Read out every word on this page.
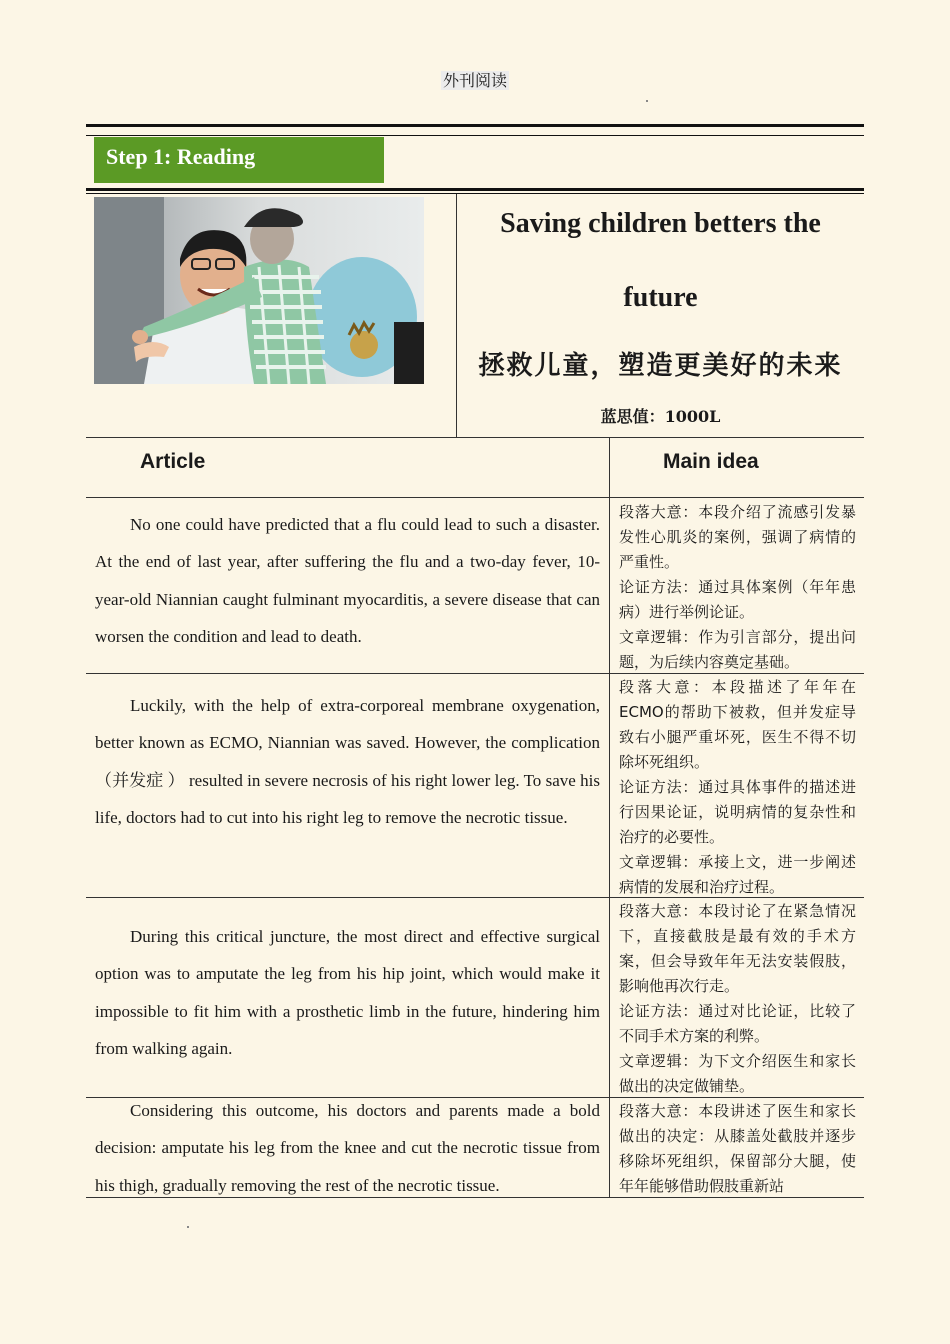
外刊阅读
Step 1: Reading
Saving children betters the
future
拯救儿童，塑造更美好的未来
蓝思值：1000L
Article	Main idea

No one could have predicted that a flu could lead to such a disaster. At the end of last year, after suffering the flu and a two-day fever, 10-year-old Niannian caught fulminant myocarditis, a severe disease that can worsen the condition and lead to death.

段落大意：本段介绍了流感引发暴发性心肌炎的案例，强调了病情的严重性。
论证方法：通过具体案例（年年患病）进行举例论证。
文章逻辑：作为引言部分，提出问题，为后续内容奠定基础。

Luckily, with the help of extra-corporeal membrane oxygenation, better known as ECMO, Niannian was saved. However, the complication（并发症 ） resulted in severe necrosis of his right lower leg. To save his life, doctors had to cut into his right leg to remove the necrotic tissue.

段落大意：本段描述了年年在ECMO的帮助下被救，但并发症导致右小腿严重坏死，医生不得不切除坏死组织。
论证方法：通过具体事件的描述进行因果论证，说明病情的复杂性和治疗的必要性。
文章逻辑：承接上文，进一步阐述病情的发展和治疗过程。

During this critical juncture, the most direct and effective surgical option was to amputate the leg from his hip joint, which would make it impossible to fit him with a prosthetic limb in the future, hindering him from walking again.

段落大意：本段讨论了在紧急情况下，直接截肢是最有效的手术方案，但会导致年年无法安装假肢，影响他再次行走。
论证方法：通过对比论证，比较了不同手术方案的利弊。
文章逻辑：为下文介绍医生和家长做出的决定做铺垫。

Considering this outcome, his doctors and parents made a bold decision: amputate his leg from the knee and cut the necrotic tissue from his thigh, gradually removing the rest of the necrotic tissue.

段落大意：本段讲述了医生和家长做出的决定：从膝盖处截肢并逐步移除坏死组织，保留部分大腿，使年年能够借助假肢重新站
